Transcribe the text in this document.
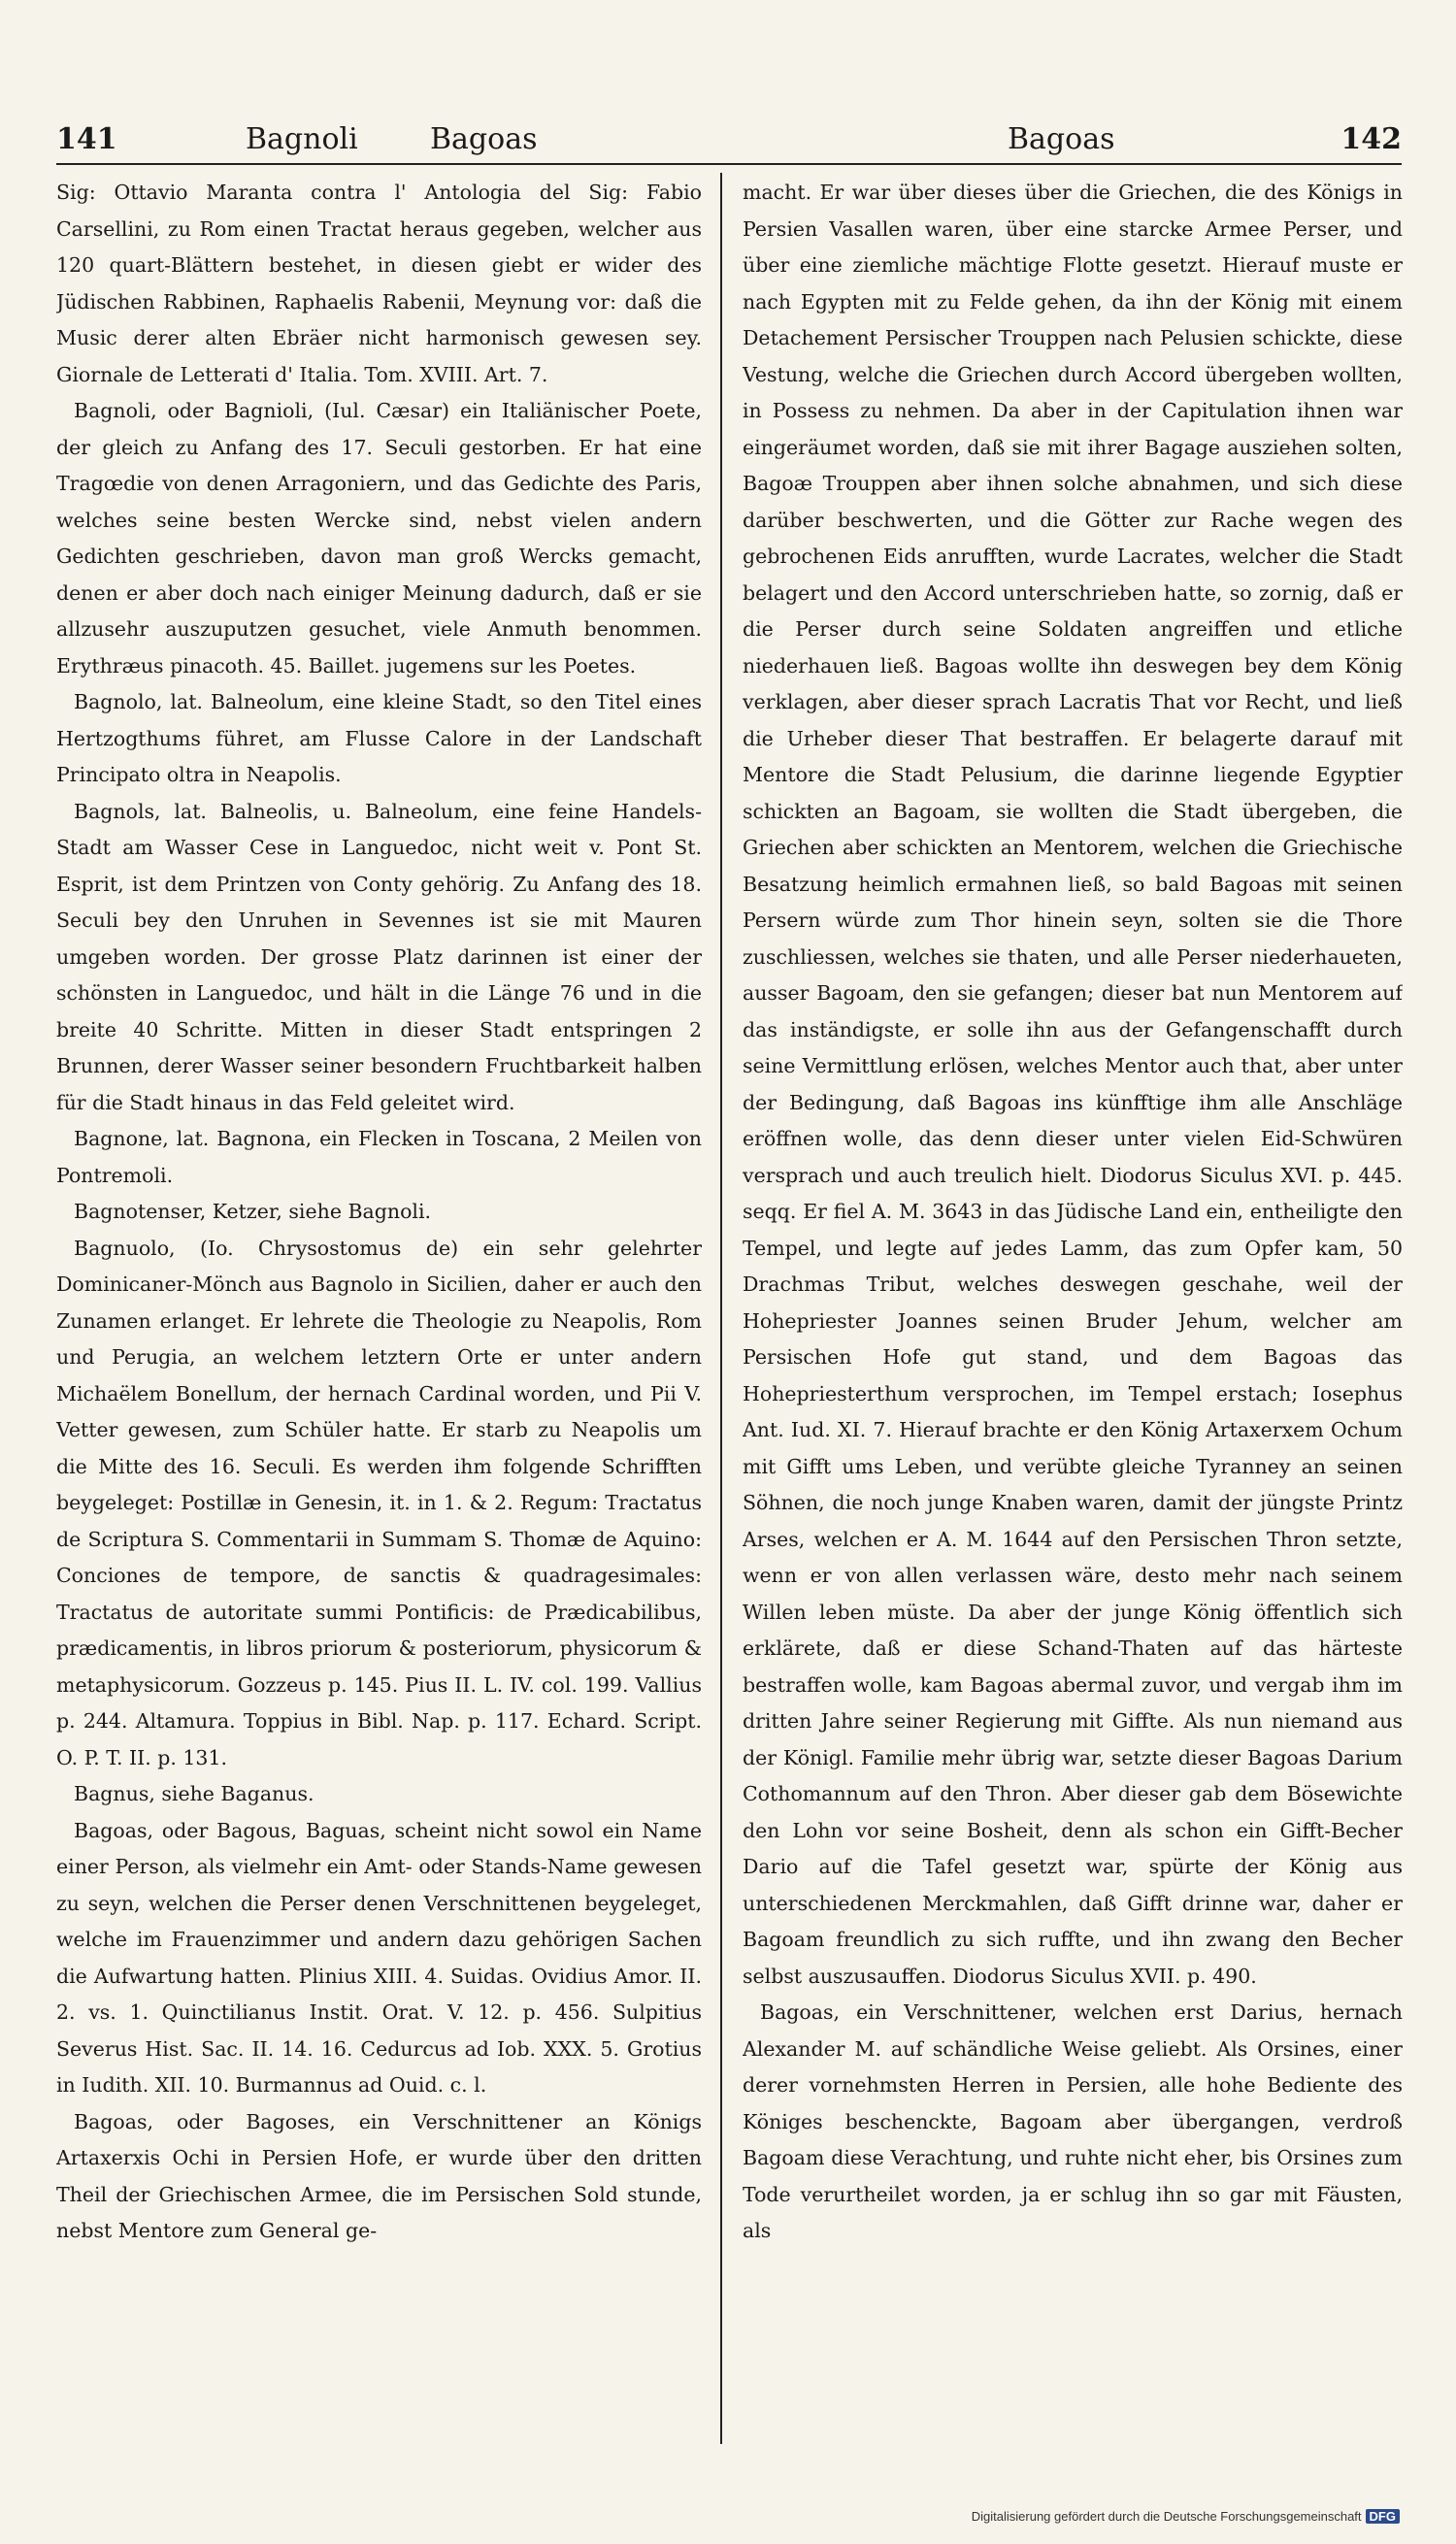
141	Bagnoli Bagoas	Bagoas	142

Sig: Ottavio Maranta contra l' Antologia del Sig: Fabio Carsellini, zu Rom einen Tractat heraus gegeben, welcher aus 120 quart-Blättern bestehet, in diesen giebt er wider des Jüdischen Rabbinen, Raphaelis Rabenii, Meynung vor: daß die Music derer alten Ebräer nicht harmonisch gewesen sey. Giornale de Letterati d' Italia. Tom. XVIII. Art. 7.

Bagnoli, oder Bagnioli, (Iul. Cæsar) ein Italiänischer Poete, der gleich zu Anfang des 17. Seculi gestorben. Er hat eine Tragœdie von denen Arragoniern, und das Gedichte des Paris, welches seine besten Wercke sind, nebst vielen andern Gedichten geschrieben, davon man groß Wercks gemacht, denen er aber doch nach einiger Meinung dadurch, daß er sie allzusehr auszuputzen gesuchet, viele Anmuth benommen. Erythræus pinacoth. 45. Baillet. jugemens sur les Poetes.

Bagnolo, lat. Balneolum, eine kleine Stadt, so den Titel eines Hertzogthums führet, am Flusse Calore in der Landschaft Principato oltra in Neapolis.

Bagnols, lat. Balneolis, u. Balneolum, eine feine Handels-Stadt am Wasser Cese in Languedoc, nicht weit v. Pont St. Esprit, ist dem Printzen von Conty gehörig. Zu Anfang des 18. Seculi bey den Unruhen in Sevennes ist sie mit Mauren umgeben worden. Der grosse Platz darinnen ist einer der schönsten in Languedoc, und hält in die Länge 76 und in die breite 40 Schritte. Mitten in dieser Stadt entspringen 2 Brunnen, derer Wasser seiner besondern Fruchtbarkeit halben für die Stadt hinaus in das Feld geleitet wird.

Bagnone, lat. Bagnona, ein Flecken in Toscana, 2 Meilen von Pontremoli.

Bagnotenser, Ketzer, siehe Bagnoli.

Bagnuolo, (Io. Chrysostomus de) ein sehr gelehrter Dominicaner-Mönch aus Bagnolo in Sicilien, daher er auch den Zunamen erlanget. Er lehrete die Theologie zu Neapolis, Rom und Perugia, an welchem letztern Orte er unter andern Michaëlem Bonellum, der hernach Cardinal worden, und Pii V. Vetter gewesen, zum Schüler hatte. Er starb zu Neapolis um die Mitte des 16. Seculi. Es werden ihm folgende Schrifften beygeleget: Postillæ in Genesin, it. in 1. & 2. Regum: Tractatus de Scriptura S. Commentarii in Summam S. Thomæ de Aquino: Conciones de tempore, de sanctis & quadragesimales: Tractatus de autoritate summi Pontificis: de Prædicabilibus, prædicamentis, in libros priorum & posteriorum, physicorum & metaphysicorum. Gozzeus p. 145. Pius II. L. IV. col. 199. Vallius p. 244. Altamura. Toppius in Bibl. Nap. p. 117. Echard. Script. O. P. T. II. p. 131.

Bagnus, siehe Baganus.

Bagoas, oder Bagous, Baguas, scheint nicht sowol ein Name einer Person, als vielmehr ein Amt- oder Stands-Name gewesen zu seyn, welchen die Perser denen Verschnittenen beygeleget, welche im Frauenzimmer und andern dazu gehörigen Sachen die Aufwartung hatten. Plinius XIII. 4. Suidas. Ovidius Amor. II. 2. vs. 1. Quinctilianus Instit. Orat. V. 12. p. 456. Sulpitius Severus Hist. Sac. II. 14. 16. Cedurcus ad Iob. XXX. 5. Grotius in Iudith. XII. 10. Burmannus ad Ouid. c. l.

Bagoas, oder Bagoses, ein Verschnittener an Königs Artaxerxis Ochi in Persien Hofe, er wurde über den dritten Theil der Griechischen Armee, die im Persischen Sold stunde, nebst Mentore zum General ge-

macht. Er war über dieses über die Griechen, die des Königs in Persien Vasallen waren, über eine starcke Armee Perser, und über eine ziemliche mächtige Flotte gesetzt. Hierauf muste er nach Egypten mit zu Felde gehen, da ihn der König mit einem Detachement Persischer Trouppen nach Pelusien schickte, diese Vestung, welche die Griechen durch Accord übergeben wollten, in Possess zu nehmen. Da aber in der Capitulation ihnen war eingeräumet worden, daß sie mit ihrer Bagage ausziehen solten, Bagoæ Trouppen aber ihnen solche abnahmen, und sich diese darüber beschwerten, und die Götter zur Rache wegen des gebrochenen Eids anrufften, wurde Lacrates, welcher die Stadt belagert und den Accord unterschrieben hatte, so zornig, daß er die Perser durch seine Soldaten angreiffen und etliche niederhauen ließ. Bagoas wollte ihn deswegen bey dem König verklagen, aber dieser sprach Lacratis That vor Recht, und ließ die Urheber dieser That bestraffen. Er belagerte darauf mit Mentore die Stadt Pelusium, die darinne liegende Egyptier schickten an Bagoam, sie wollten die Stadt übergeben, die Griechen aber schickten an Mentorem, welchen die Griechische Besatzung heimlich ermahnen ließ, so bald Bagoas mit seinen Persern würde zum Thor hinein seyn, solten sie die Thore zuschliessen, welches sie thaten, und alle Perser niederhaueten, ausser Bagoam, den sie gefangen; dieser bat nun Mentorem auf das inständigste, er solle ihn aus der Gefangenschafft durch seine Vermittlung erlösen, welches Mentor auch that, aber unter der Bedingung, daß Bagoas ins künfftige ihm alle Anschläge eröffnen wolle, das denn dieser unter vielen Eid-Schwüren versprach und auch treulich hielt. Diodorus Siculus XVI. p. 445. seqq. Er fiel A. M. 3643 in das Jüdische Land ein, entheiligte den Tempel, und legte auf jedes Lamm, das zum Opfer kam, 50 Drachmas Tribut, welches deswegen geschahe, weil der Hohepriester Joannes seinen Bruder Jehum, welcher am Persischen Hofe gut stand, und dem Bagoas das Hohepriesterthum versprochen, im Tempel erstach; Iosephus Ant. Iud. XI. 7. Hierauf brachte er den König Artaxerxem Ochum mit Gifft ums Leben, und verübte gleiche Tyranney an seinen Söhnen, die noch junge Knaben waren, damit der jüngste Printz Arses, welchen er A. M. 1644 auf den Persischen Thron setzte, wenn er von allen verlassen wäre, desto mehr nach seinem Willen leben müste. Da aber der junge König öffentlich sich erklärete, daß er diese Schand-Thaten auf das härteste bestraffen wolle, kam Bagoas abermal zuvor, und vergab ihm im dritten Jahre seiner Regierung mit Giffte. Als nun niemand aus der Königl. Familie mehr übrig war, setzte dieser Bagoas Darium Cothomannum auf den Thron. Aber dieser gab dem Bösewichte den Lohn vor seine Bosheit, denn als schon ein Gifft-Becher Dario auf die Tafel gesetzt war, spürte der König aus unterschiedenen Merckmahlen, daß Gifft drinne war, daher er Bagoam freundlich zu sich ruffte, und ihn zwang den Becher selbst auszusauffen. Diodorus Siculus XVII. p. 490.

Bagoas, ein Verschnittener, welchen erst Darius, hernach Alexander M. auf schändliche Weise geliebt. Als Orsines, einer derer vornehmsten Herren in Persien, alle hohe Bediente des Königes beschenckte, Bagoam aber übergangen, verdroß Bagoam diese Verachtung, und ruhte nicht eher, bis Orsines zum Tode verurtheilet worden, ja er schlug ihn so gar mit Fäusten, als

Digitalisierung gefördert durch die Deutsche Forschungsgemeinschaft DFG
